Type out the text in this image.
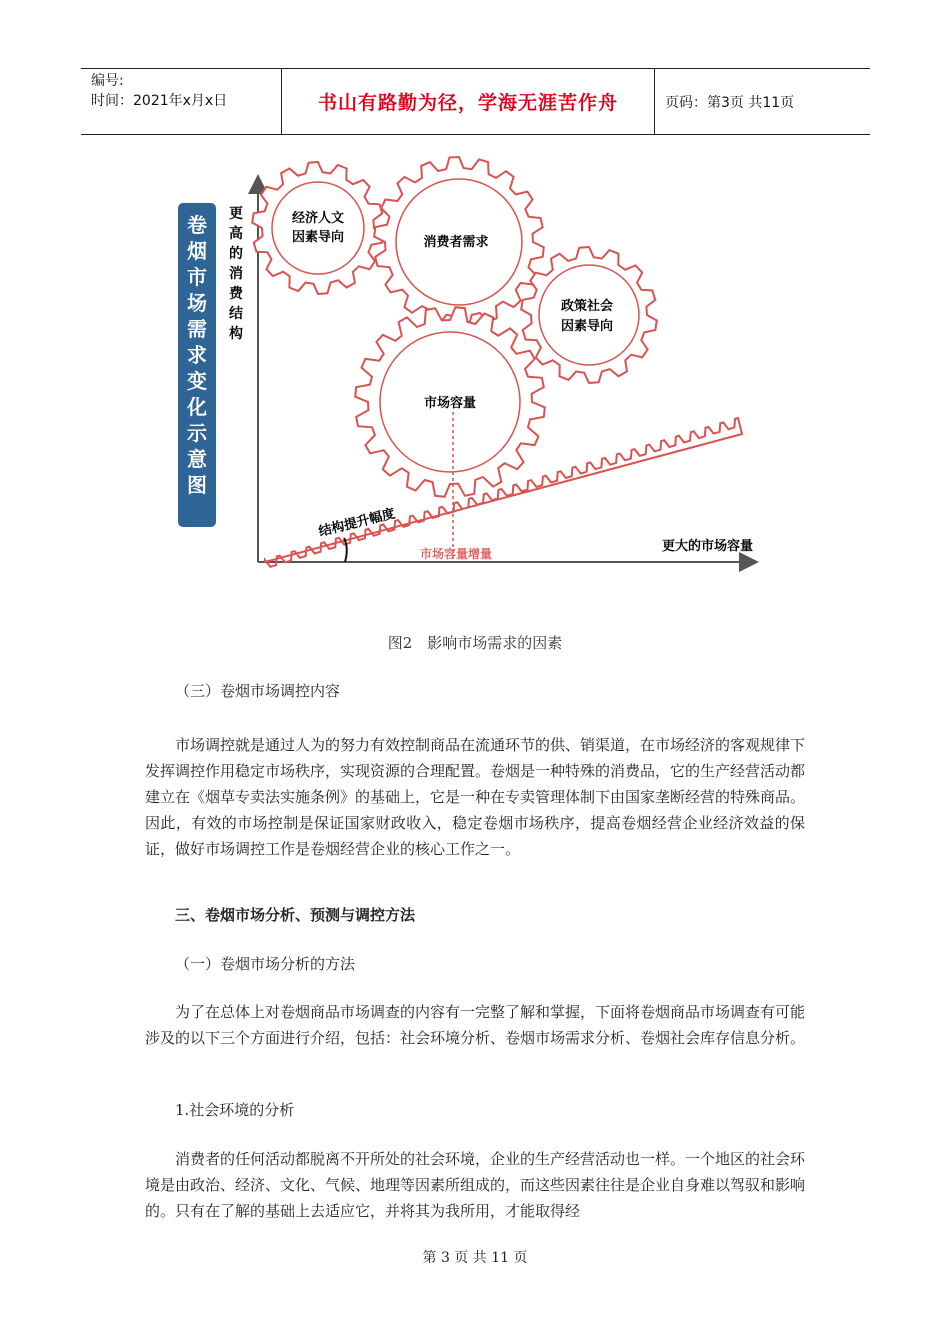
编号:
时间：2021年x月x日	书山有路勤为径，学海无涯苦作舟	页码：第3页 共11页
卷
烟
市
场
需
求
变
化
示
意
图
更
高
的
消
费
结
构
经济人文
因素导向	消费者需求
政策社会
因素导向
市场容量
结构提升幅度
市场容量增量	更大的市场容量
图2　影响市场需求的因素

（三）卷烟市场调控内容

市场调控就是通过人为的努力有效控制商品在流通环节的供、销渠道，在市场经济的客观规律下发挥调控作用稳定市场秩序，实现资源的合理配置。卷烟是一种特殊的消费品，它的生产经营活动都建立在《烟草专卖法实施条例》的基础上，它是一种在专卖管理体制下由国家垄断经营的特殊商品。因此，有效的市场控制是保证国家财政收入，稳定卷烟市场秩序，提高卷烟经营企业经济效益的保证，做好市场调控工作是卷烟经营企业的核心工作之一。

三、卷烟市场分析、预测与调控方法

（一）卷烟市场分析的方法

为了在总体上对卷烟商品市场调查的内容有一完整了解和掌握，下面将卷烟商品市场调查有可能涉及的以下三个方面进行介绍，包括：社会环境分析、卷烟市场需求分析、卷烟社会库存信息分析。

1.社会环境的分析

消费者的任何活动都脱离不开所处的社会环境，企业的生产经营活动也一样。一个地区的社会环境是由政治、经济、文化、气候、地理等因素所组成的，而这些因素往往是企业自身难以驾驭和影响的。只有在了解的基础上去适应它，并将其为我所用，才能取得经

第 3 页 共 11 页
